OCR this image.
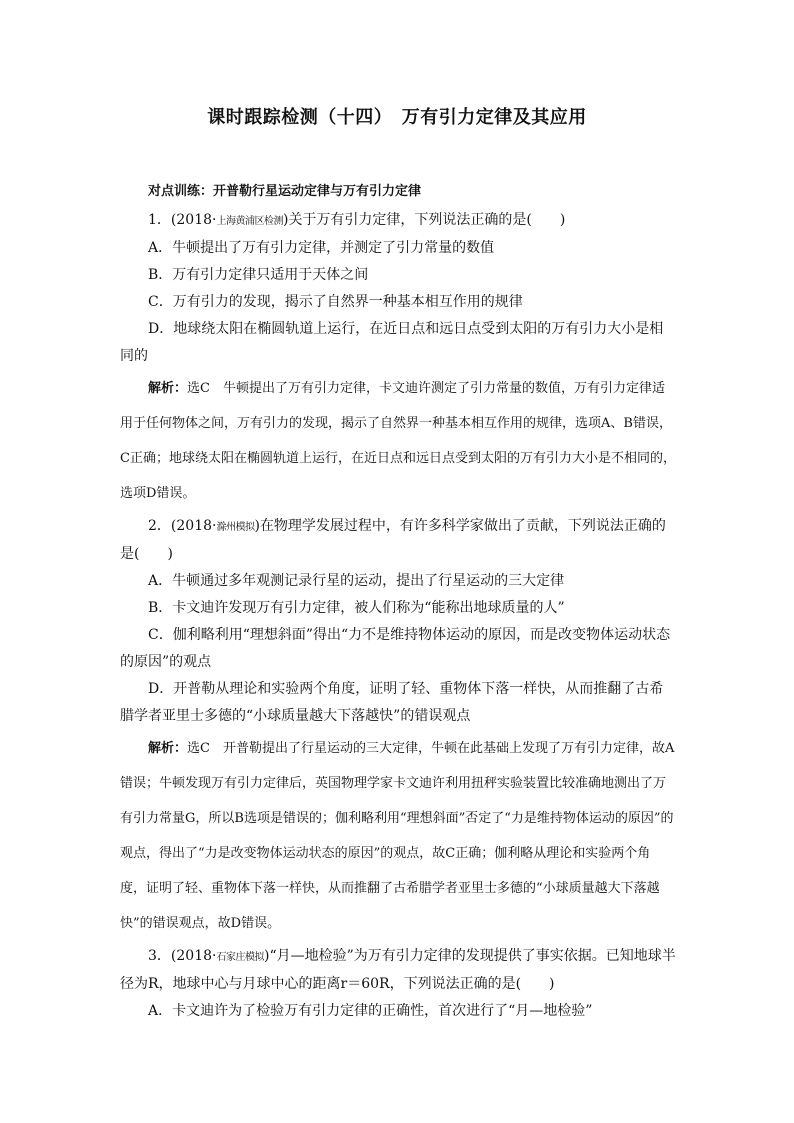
课时跟踪检测（十四）　万有引力定律及其应用

对点训练：开普勒行星运动定律与万有引力定律

1．(2018·上海黄浦区检测)关于万有引力定律，下列说法正确的是(　　)

A．牛顿提出了万有引力定律，并测定了引力常量的数值

B．万有引力定律只适用于天体之间

C．万有引力的发现，揭示了自然界一种基本相互作用的规律

D．地球绕太阳在椭圆轨道上运行，在近日点和远日点受到太阳的万有引力大小是相同的

解析：选C　牛顿提出了万有引力定律，卡文迪许测定了引力常量的数值，万有引力定律适用于任何物体之间，万有引力的发现，揭示了自然界一种基本相互作用的规律，选项A、B错误，C正确；地球绕太阳在椭圆轨道上运行，在近日点和远日点受到太阳的万有引力大小是不相同的，选项D错误。

2．(2018·滁州模拟)在物理学发展过程中，有许多科学家做出了贡献，下列说法正确的是(　　)

A．牛顿通过多年观测记录行星的运动，提出了行星运动的三大定律

B．卡文迪许发现万有引力定律，被人们称为“能称出地球质量的人”

C．伽利略利用“理想斜面”得出“力不是维持物体运动的原因，而是改变物体运动状态的原因”的观点

D．开普勒从理论和实验两个角度，证明了轻、重物体下落一样快，从而推翻了古希腊学者亚里士多德的“小球质量越大下落越快”的错误观点

解析：选C　开普勒提出了行星运动的三大定律，牛顿在此基础上发现了万有引力定律，故A错误；牛顿发现万有引力定律后，英国物理学家卡文迪许利用扭秤实验装置比较准确地测出了万有引力常量G，所以B选项是错误的；伽利略利用“理想斜面”否定了“力是维持物体运动的原因”的观点，得出了“力是改变物体运动状态的原因”的观点，故C正确；伽利略从理论和实验两个角度，证明了轻、重物体下落一样快，从而推翻了古希腊学者亚里士多德的“小球质量越大下落越快”的错误观点，故D错误。

3．(2018·石家庄模拟)“月—地检验”为万有引力定律的发现提供了事实依据。已知地球半径为R，地球中心与月球中心的距离r＝60R，下列说法正确的是(　　)

A．卡文迪许为了检验万有引力定律的正确性，首次进行了“月—地检验”
